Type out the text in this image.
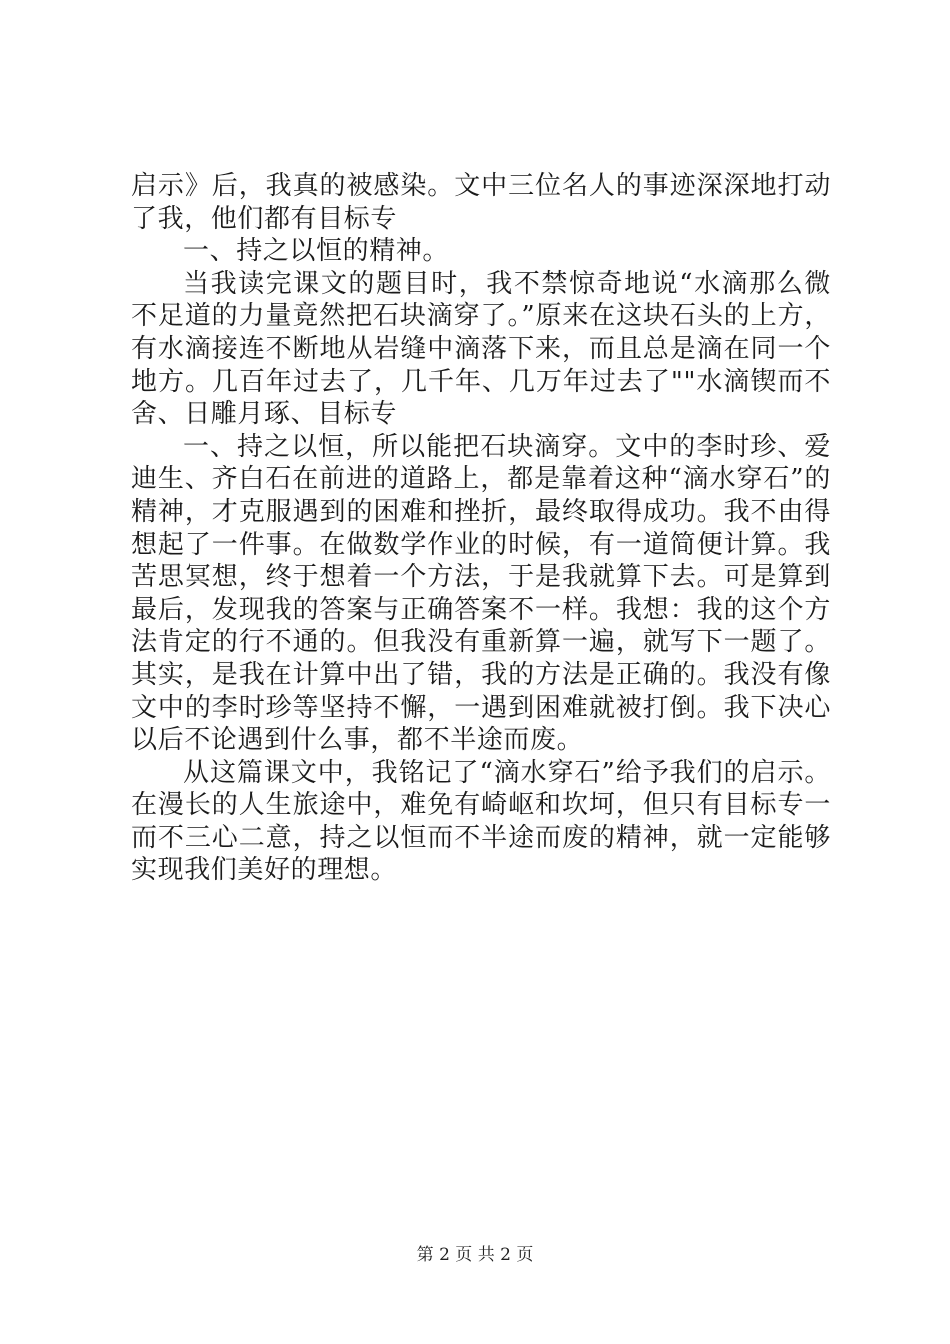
启示》后，我真的被感染。文中三位名人的事迹深深地打动了我，他们都有目标专

一、持之以恒的精神。

当我读完课文的题目时，我不禁惊奇地说“水滴那么微不足道的力量竟然把石块滴穿了。”原来在这块石头的上方，有水滴接连不断地从岩缝中滴落下来，而且总是滴在同一个地方。几百年过去了，几千年、几万年过去了""水滴锲而不舍、日雕月琢、目标专

一、持之以恒，所以能把石块滴穿。文中的李时珍、爱迪生、齐白石在前进的道路上，都是靠着这种“滴水穿石”的精神，才克服遇到的困难和挫折，最终取得成功。我不由得想起了一件事。在做数学作业的时候，有一道简便计算。我苦思冥想，终于想着一个方法，于是我就算下去。可是算到最后，发现我的答案与正确答案不一样。我想：我的这个方法肯定的行不通的。但我没有重新算一遍，就写下一题了。其实，是我在计算中出了错，我的方法是正确的。我没有像文中的李时珍等坚持不懈，一遇到困难就被打倒。我下决心以后不论遇到什么事，都不半途而废。

从这篇课文中，我铭记了“滴水穿石”给予我们的启示。在漫长的人生旅途中，难免有崎岖和坎坷，但只有目标专一而不三心二意，持之以恒而不半途而废的精神，就一定能够实现我们美好的理想。

第 2 页 共 2 页
